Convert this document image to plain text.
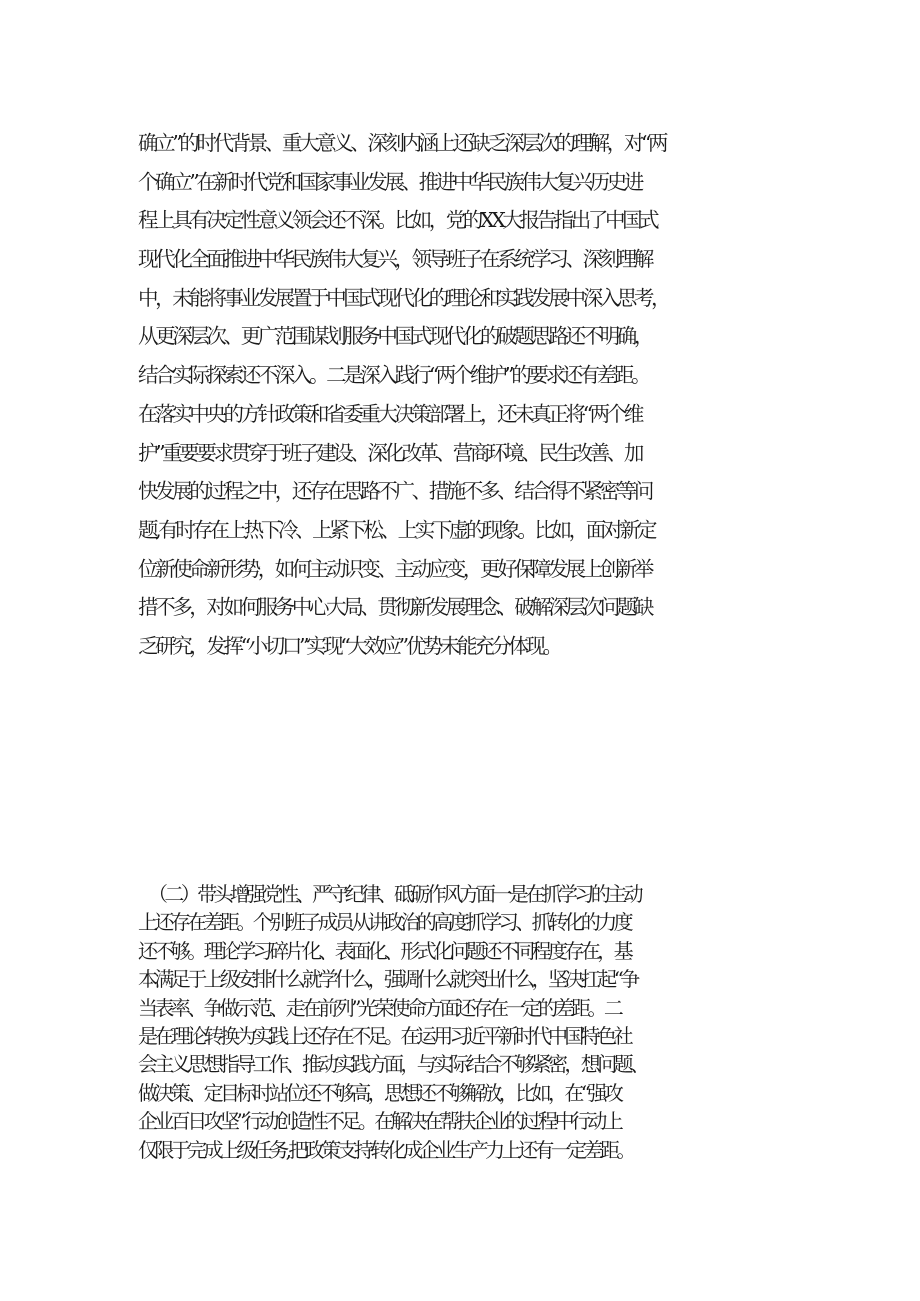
确立”的时代背景、重大意义、深刻内涵上还缺乏深层次的理解，对“两
个确立”在新时代党和国家事业发展、推进中华民族伟大复兴历史进
程上具有决定性意义领会还不深。比如，党的XX大报告指出了中国式
现代化全面推进中华民族伟大复兴，领导班子在系统学习、深刻理解
中，未能将事业发展置于中国式现代化的理论和实践发展中深入思考，
从更深层次、更广范围谋划服务中国式现代化的破题思路还不明确，
结合实际探索还不深入。二是深入践行“两个维护”的要求还有差距。
在落实中央的方针政策和省委重大决策部署上，还未真正将“两个维
护”重要要求贯穿于班子建设、深化改革、营商环境、民生改善、加
快发展的过程之中，还存在思路不广、措施不多、结合得不紧密等问
题,有时存在上热下冷、上紧下松、上实下虚的现象。比如，面对新定
位新使命新形势，如何主动识变、主动应变，更好保障发展上创新举
措不多，对如何服务中心大局、贯彻新发展理念、破解深层次问题缺
乏研究，发挥“小切口”实现“大效应”优势未能充分体现。
（二）带头增强党性、严守纪律、砥砺作风方面一是在抓学习的主动
上还存在差距。个别班子成员从讲政治的高度抓学习、抓转化的力度
还不够。理论学习碎片化、表面化、形式化问题还不同程度存在，基
本满足于上级安排什么就学什么，强调什么就突出什么，坚决扛起“争
当表率、争做示范、走在前列”光荣使命方面还存在一定的差距。二
是在理论转换为实践上还存在不足。在运用习近平新时代中国特色社
会主义思想指导工作、推动实践方面，与实际结合不够紧密，想问题、
做决策、定目标时站位还不够高，思想还不够解放，比如，在“强攻
企业百日攻坚”行动创造性不足。在解决在帮扶企业的过程中行动上
仅限于完成上级任务,把政策支持转化成企业生产力上还有一定差距。
